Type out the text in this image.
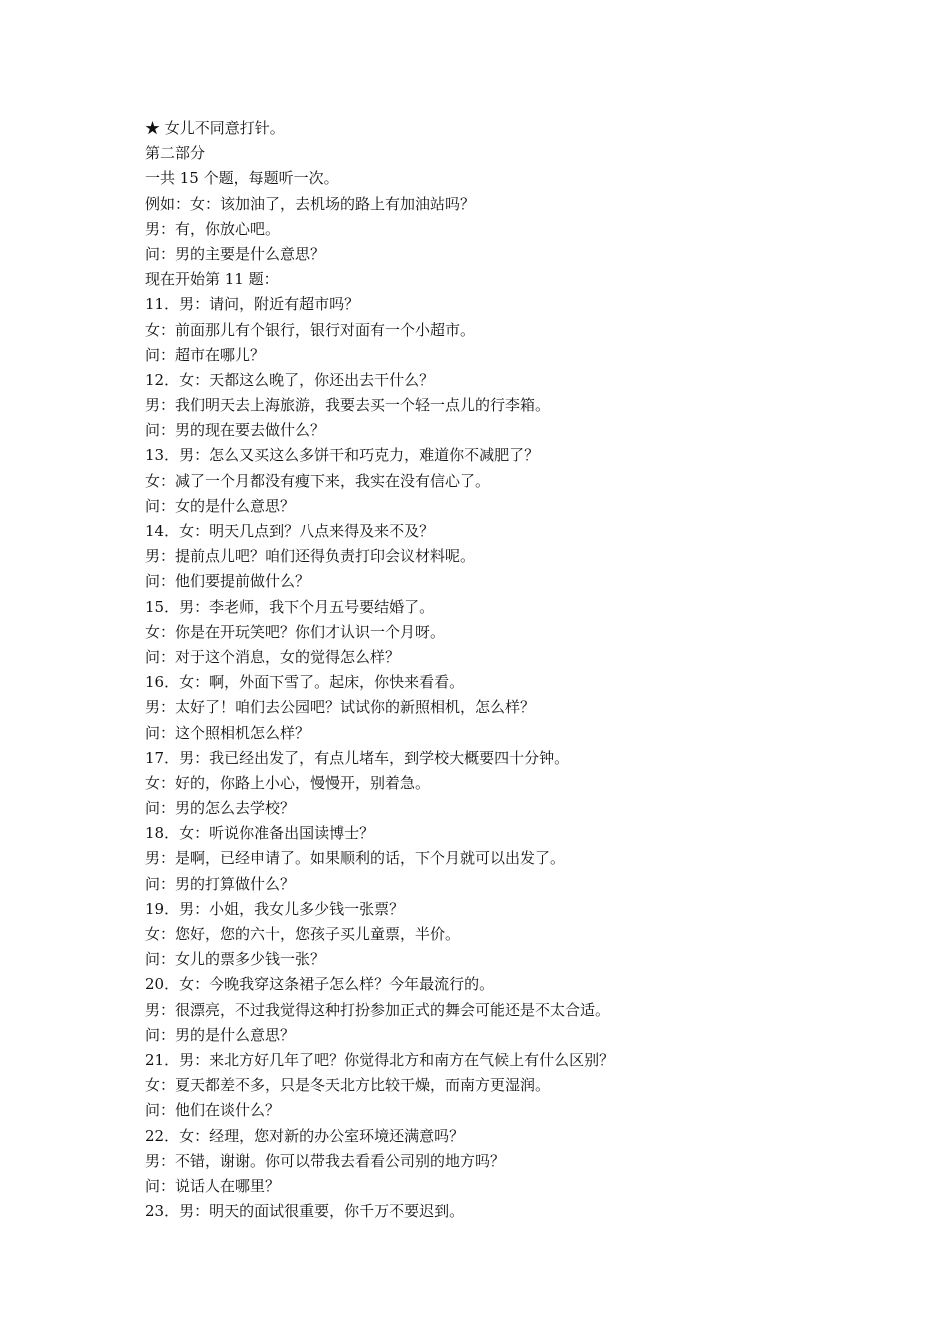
★ 女儿不同意打针。
第二部分
一共 15 个题，每题听一次。
例如：女：该加油了，去机场的路上有加油站吗？
男：有，你放心吧。
问：男的主要是什么意思？
现在开始第 11 题：
11．男：请问，附近有超市吗？
女：前面那儿有个银行，银行对面有一个小超市。
问：超市在哪儿？
12．女：天都这么晚了，你还出去干什么？
男：我们明天去上海旅游，我要去买一个轻一点儿的行李箱。
问：男的现在要去做什么？
13．男：怎么又买这么多饼干和巧克力，难道你不减肥了？
女：减了一个月都没有瘦下来，我实在没有信心了。
问：女的是什么意思？
14．女：明天几点到？八点来得及来不及？
男：提前点儿吧？咱们还得负责打印会议材料呢。
问：他们要提前做什么？
15．男：李老师，我下个月五号要结婚了。
女：你是在开玩笑吧？你们才认识一个月呀。
问：对于这个消息，女的觉得怎么样？
16．女：啊，外面下雪了。起床，你快来看看。
男：太好了！咱们去公园吧？试试你的新照相机，怎么样？
问：这个照相机怎么样？
17．男：我已经出发了，有点儿堵车，到学校大概要四十分钟。
女：好的，你路上小心，慢慢开，别着急。
问：男的怎么去学校？
18．女：听说你准备出国读博士？
男：是啊，已经申请了。如果顺利的话，下个月就可以出发了。
问：男的打算做什么？
19．男：小姐，我女儿多少钱一张票？
女：您好，您的六十，您孩子买儿童票，半价。
问：女儿的票多少钱一张？
20．女：今晚我穿这条裙子怎么样？今年最流行的。
男：很漂亮，不过我觉得这种打扮参加正式的舞会可能还是不太合适。
问：男的是什么意思？
21．男：来北方好几年了吧？你觉得北方和南方在气候上有什么区别？
女：夏天都差不多，只是冬天北方比较干燥，而南方更湿润。
问：他们在谈什么？
22．女：经理，您对新的办公室环境还满意吗？
男：不错，谢谢。你可以带我去看看公司别的地方吗？
问：说话人在哪里？
23．男：明天的面试很重要，你千万不要迟到。
